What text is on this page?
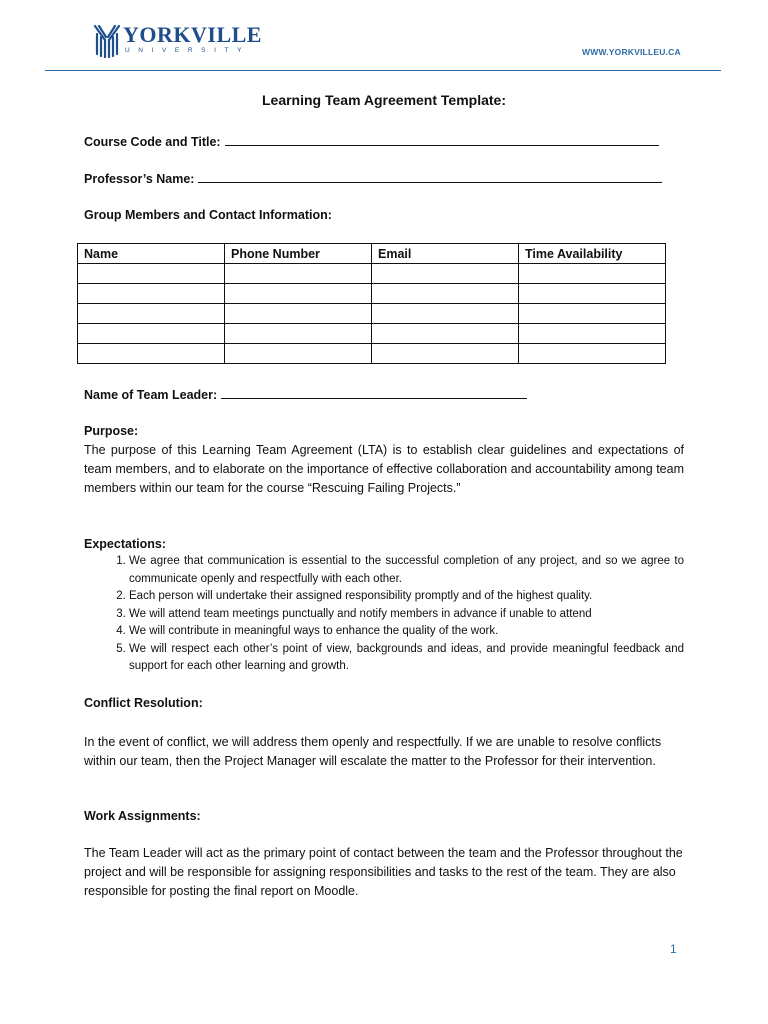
YORKVILLE
UNIVERSITY	WWW.YORKVILLEU.CA
Learning Team Agreement Template:
Course Code and Title:
Professor’s Name:
Group Members and Contact Information:
Name	Phone Number	Email	Time Availability

Name of Team Leader:
Purpose:
The purpose of this Learning Team Agreement (LTA) is to establish clear guidelines and expectations of team members, and to elaborate on the importance of effective collaboration and accountability among team members within our team for the course “Rescuing Failing Projects.”
Expectations:
1. We agree that communication is essential to the successful completion of any project, and so we agree to communicate openly and respectfully with each other.
2. Each person will undertake their assigned responsibility promptly and of the highest quality.
3. We will attend team meetings punctually and notify members in advance if unable to attend
4. We will contribute in meaningful ways to enhance the quality of the work.
5. We will respect each other’s point of view, backgrounds and ideas, and provide meaningful feedback and support for each other learning and growth.
Conflict Resolution:
In the event of conflict, we will address them openly and respectfully. If we are unable to resolve conflicts within our team, then the Project Manager will escalate the matter to the Professor for their intervention.
Work Assignments:
The Team Leader will act as the primary point of contact between the team and the Professor throughout the project and will be responsible for assigning responsibilities and tasks to the rest of the team. They are also responsible for posting the final report on Moodle.
1
